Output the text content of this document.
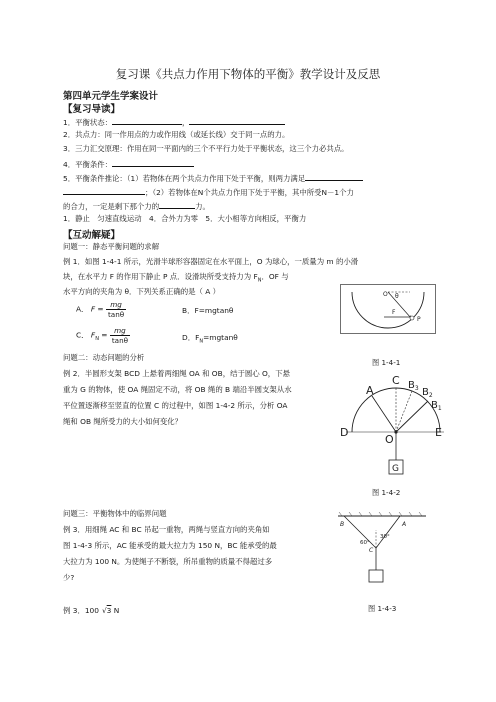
复习课《共点力作用下物体的平衡》教学设计及反思
第四单元学生学案设计
【复习导读】
1．平衡状态：	，
2．共点力：同一作用点的力或作用线（或延长线）交于同一点的力。
3．三力汇交原理：作用在同一平面内的三个不平行力处于平衡状态，这三个力必共点。
4．平衡条件：
5．平衡条件推论：（1）若物体在两个共点力作用下处于平衡，则两力满足
；（2）若物体在N个共点力作用下处于平衡，其中所受N－1个力
的合力，一定是剩下那个力的	力。
1．静止　匀速直线运动　4．合外力为零　5．大小相等方向相反，平衡力
【互动解疑】
问题一：静态平衡问题的求解
例 1．如图 1-4-1 所示，光滑半球形容器固定在水平面上，O 为球心，一质量为 m 的小滑
块，在水平力 F 的作用下静止 P 点．设滑块所受支持力为 $F_N$．OF 与
水平方向的夹角为 θ．下列关系正确的是（ A ）
A． $F = \frac{mg}{\tan\theta}$	B．F=mgtanθ
C． $F_N = \frac{mg}{\tan\theta}$	D．$F_N=mgtan\theta$
O θ
F
P
图 1-4-1
问题二：动态问题的分析
例 2．半圆形支架 BCD 上悬着两细绳 OA 和 OB，结于圆心 O，下悬
重为 G 的物体，使 OA 绳固定不动，将 OB 绳的 B 端沿半圆支架从水
平位置逐渐移至竖直的位置 C 的过程中，如图 1-4-2 所示，分析 OA
绳和 OB 绳所受力的大小如何变化？
A
C $B_3$ $B_2$
$B_1$
D	E
O
G
图 1-4-2
问题三：平衡物体中的临界问题
例 3．用细绳 AC 和 BC 吊起一重物，两绳与竖直方向的夹角如
图 1-4-3 所示，AC 能承受的最大拉力为 150 N，BC 能承受的最
大拉力为 100 N。为使绳子不断裂，所吊重物的质量不得超过多
少?
B	A
C
60°
30°
图 1-4-3
例 3．100 √3 N
